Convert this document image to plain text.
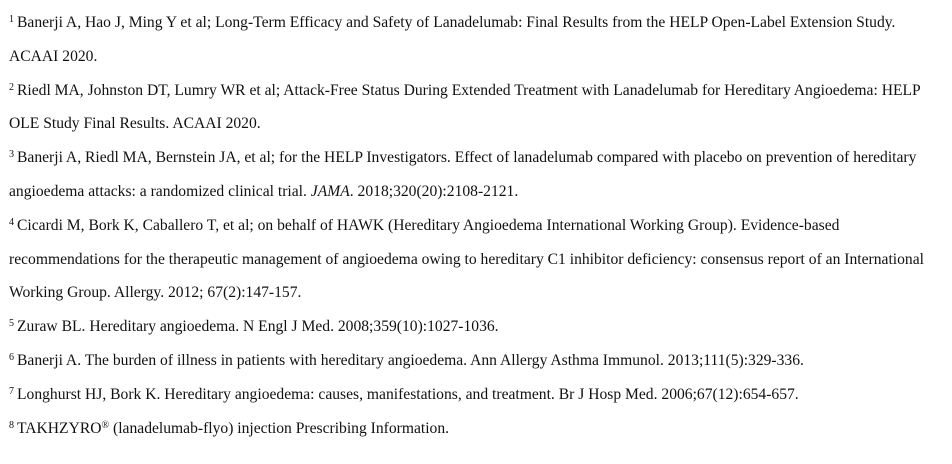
$^1$ Banerji A, Hao J, Ming Y et al; Long-Term Efficacy and Safety of Lanadelumab: Final Results from the HELP Open-Label Extension Study. ACAAI 2020.

$^2$ Riedl MA, Johnston DT, Lumry WR et al; Attack-Free Status During Extended Treatment with Lanadelumab for Hereditary Angioedema: HELP OLE Study Final Results. ACAAI 2020.

$^3$ Banerji A, Riedl MA, Bernstein JA, et al; for the HELP Investigators. Effect of lanadelumab compared with placebo on prevention of hereditary angioedema attacks: a randomized clinical trial. JAMA. 2018;320(20):2108-2121.

$^4$ Cicardi M, Bork K, Caballero T, et al; on behalf of HAWK (Hereditary Angioedema International Working Group). Evidence-based recommendations for the therapeutic management of angioedema owing to hereditary C1 inhibitor deficiency: consensus report of an International Working Group. Allergy. 2012; 67(2):147-157.

$^5$ Zuraw BL. Hereditary angioedema. N Engl J Med. 2008;359(10):1027-1036.

$^6$ Banerji A. The burden of illness in patients with hereditary angioedema. Ann Allergy Asthma Immunol. 2013;111(5):329-336.

$^7$ Longhurst HJ, Bork K. Hereditary angioedema: causes, manifestations, and treatment. Br J Hosp Med. 2006;67(12):654-657.

$^8$ TAKHZYRO® (lanadelumab-flyo) injection Prescribing Information.
